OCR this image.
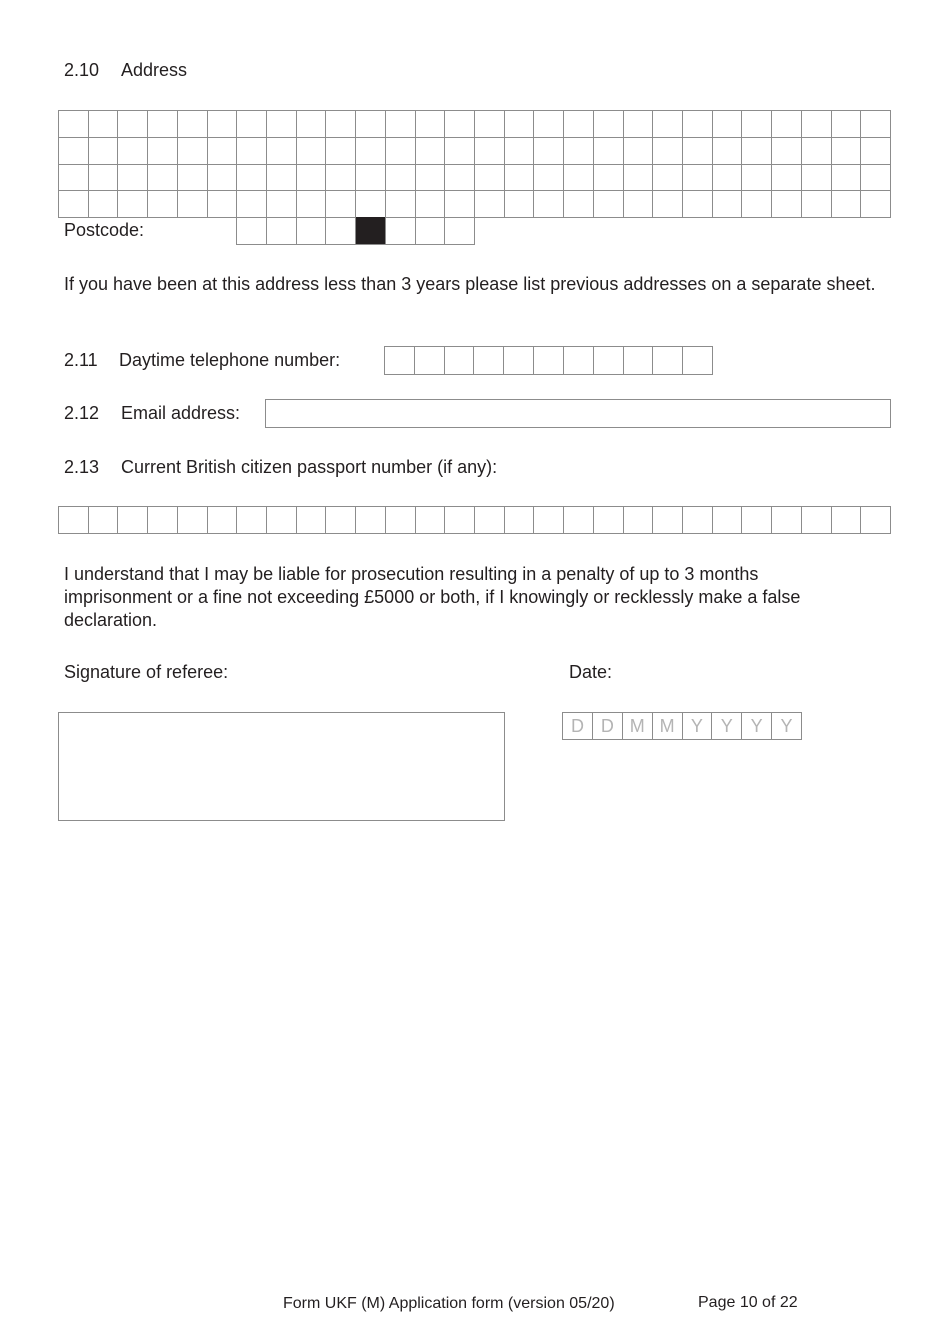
2.10 Address
Postcode:
If you have been at this address less than 3 years please list previous addresses on a separate sheet.
2.11 Daytime telephone number:
2.12 Email address:
2.13 Current British citizen passport number (if any):
I understand that I may be liable for prosecution resulting in a penalty of up to 3 months imprisonment or a fine not exceeding £5000 or both, if I knowingly or recklessly make a false declaration.
Signature of referee:	Date:
D D M M Y Y Y Y
Form UKF (M) Application form (version 05/20)	Page 10 of 22
